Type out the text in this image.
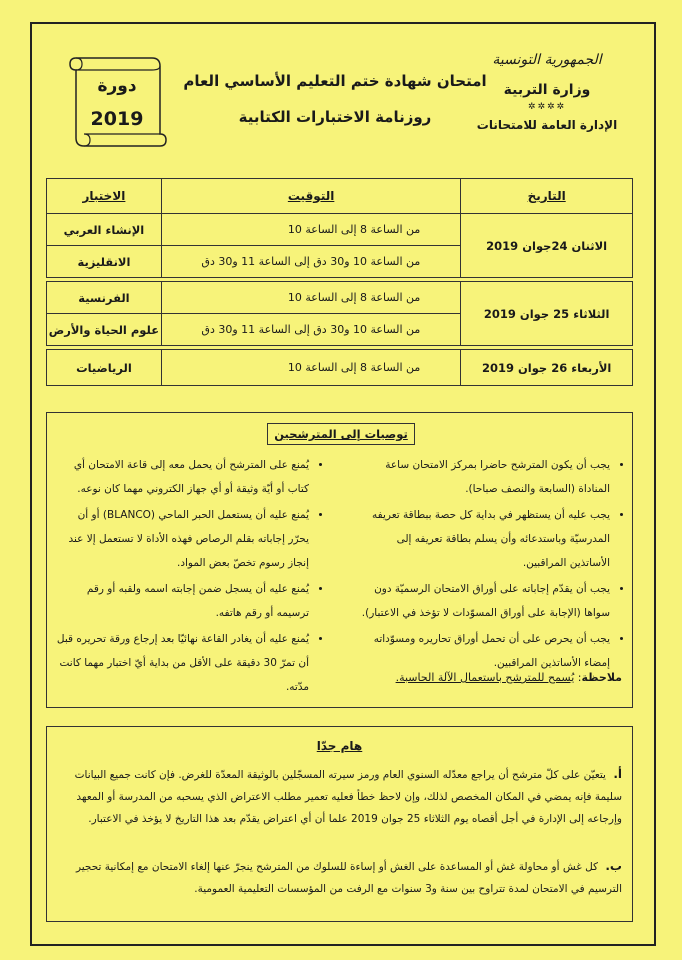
الجمهورية التونسية
وزارة التربية
✲✲✲✲
الإدارة العامة للامتحانات
امتحان شهادة ختم التعليم الأساسي العام
روزنامة الاختبارات الكتابية
دورة
2019
التاريخ	التوقيت	الاختبار
الاثنان 24جوان 2019	من الساعة 8 إلى الساعة 10	الإنشاء العربي
	من الساعة 10 و30 دق إلى الساعة 11 و30 دق	الانقليزية

الثلاثاء 25 جوان 2019	من الساعة 8 إلى الساعة 10	الفرنسية
	من الساعة 10 و30 دق إلى الساعة 11 و30 دق	علوم الحياة والأرض

الأربعاء 26 جوان 2019	من الساعة 8 إلى الساعة 10	الرياضيات
توصيات إلى المترشحين
• يجب أن يكون المترشح حاضرا بمركز الامتحان ساعة المناداة (السابعة والنصف صباحا).
• يجب عليه أن يستظهر في بداية كل حصة ببطاقة تعريفه المدرسيّة وباستدعائه وأن يسلم بطاقة تعريفه إلى الأساتذين المراقبين.
• يجب أن يقدّم إجاباته على أوراق الامتحان الرسميّة دون سواها (الإجابة على أوراق المسوّدات لا تؤخذ في الاعتبار).
• يجب أن يحرص على أن تحمل أوراق تحاريره ومسوّداته إمضاء الأساتذين المراقبين.
• يُمنع على المترشح أن يحمل معه إلى قاعة الامتحان أي كتاب أو أيّة وثيقة أو أي جهاز الكتروني مهما كان نوعه.
• يُمنع عليه أن يستعمل الحبر الماحي (BLANCO) أو أن يحرّر إجاباته بقلم الرصاص فهذه الأداة لا تستعمل إلا عند إنجاز رسوم تخصّ بعض المواد.
• يُمنع عليه أن يسجل ضمن إجابته اسمه ولقبه أو رقم ترسيمه أو رقم هاتفه.
• يُمنع عليه أن يغادر القاعة نهائيّا بعد إرجاع ورقة تحريره قبل أن تمرّ 30 دقيقة على الأقل من بداية أيّ اختبار مهما كانت مدّته.
ملاحظة: يُسمح للمترشح باستعمال الآلة الحاسبة.
هام جدّا
أ. يتعيّن على كلّ مترشح أن يراجع معدّله السنوي العام ورمز سيرته المسجّلين بالوثيقة المعدّة للغرض. فإن كانت جميع البيانات سليمة فإنه يمضي في المكان المخصص لذلك، وإن لاحظ خطأ فعليه تعمير مطلب الاعتراض الذي يسحبه من المدرسة أو المعهد وإرجاعه إلى الإدارة في أجل أقصاه يوم الثلاثاء 25 جوان 2019 علما أن أي اعتراض يقدّم بعد هذا التاريخ لا يؤخذ في الاعتبار.
ب. كل غش أو محاولة غش أو المساعدة على الغش أو إساءة للسلوك من المترشح ينجرّ عنها إلغاء الامتحان مع إمكانية تحجير الترسيم في الامتحان لمدة تتراوح بين سنة و3 سنوات مع الرفت من المؤسسات التعليمية العمومية.
